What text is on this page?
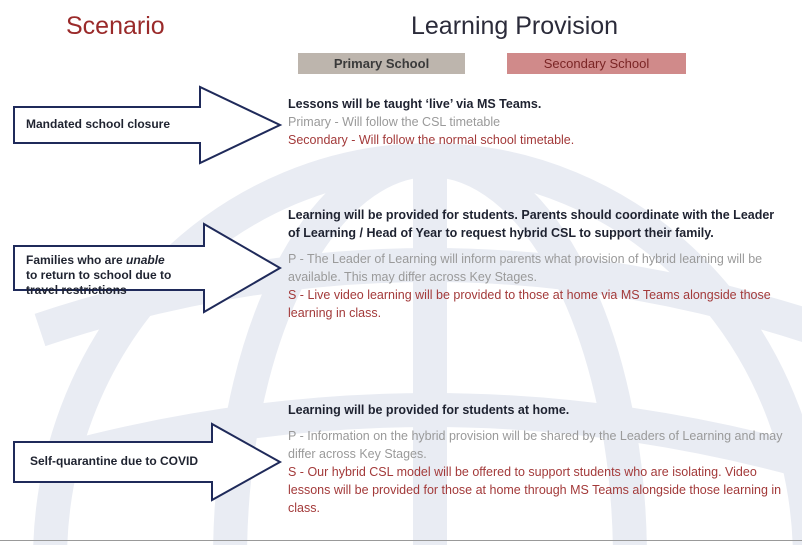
Scenario	Learning Provision
Primary School	Secondary School
Mandated school closure
Families who are unable
to return to school due to travel restrictions
Self-quarantine due to COVID
Lessons will be taught ‘live’ via MS Teams.
Primary - Will follow the CSL timetable
Secondary - Will follow the normal school timetable.
Learning will be provided for students. Parents should coordinate with the Leader of Learning / Head of Year to request hybrid CSL to support their family.
P - The Leader of Learning will inform parents what provision of hybrid learning will be available. This may differ across Key Stages.
S - Live video learning will be provided to those at home via MS Teams alongside those learning in class.
Learning will be provided for students at home.
P - Information on the hybrid provision will be shared by the Leaders of Learning and may differ across Key Stages.
S - Our hybrid CSL model will be offered to support students who are isolating. Video lessons will be provided for those at home through MS Teams alongside those learning in class.
